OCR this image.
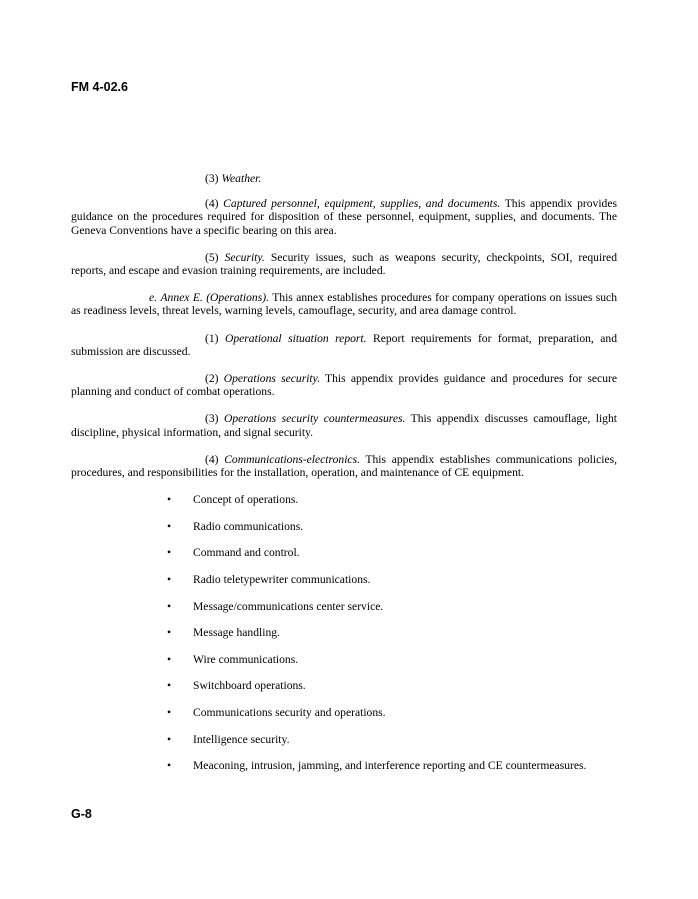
FM 4-02.6

(3) Weather.

(4) Captured personnel, equipment, supplies, and documents. This appendix provides guidance on the procedures required for disposition of these personnel, equipment, supplies, and documents. The Geneva Conventions have a specific bearing on this area.

(5) Security. Security issues, such as weapons security, checkpoints, SOI, required reports, and escape and evasion training requirements, are included.

e. Annex E. (Operations). This annex establishes procedures for company operations on issues such as readiness levels, threat levels, warning levels, camouflage, security, and area damage control.

(1) Operational situation report. Report requirements for format, preparation, and submission are discussed.

(2) Operations security. This appendix provides guidance and procedures for secure planning and conduct of combat operations.

(3) Operations security countermeasures. This appendix discusses camouflage, light discipline, physical information, and signal security.

(4) Communications-electronics. This appendix establishes communications policies, procedures, and responsibilities for the installation, operation, and maintenance of CE equipment.

• Concept of operations.
• Radio communications.
• Command and control.
• Radio teletypewriter communications.
• Message/communications center service.
• Message handling.
• Wire communications.
• Switchboard operations.
• Communications security and operations.
• Intelligence security.
• Meaconing, intrusion, jamming, and interference reporting and CE countermeasures.
G-8
